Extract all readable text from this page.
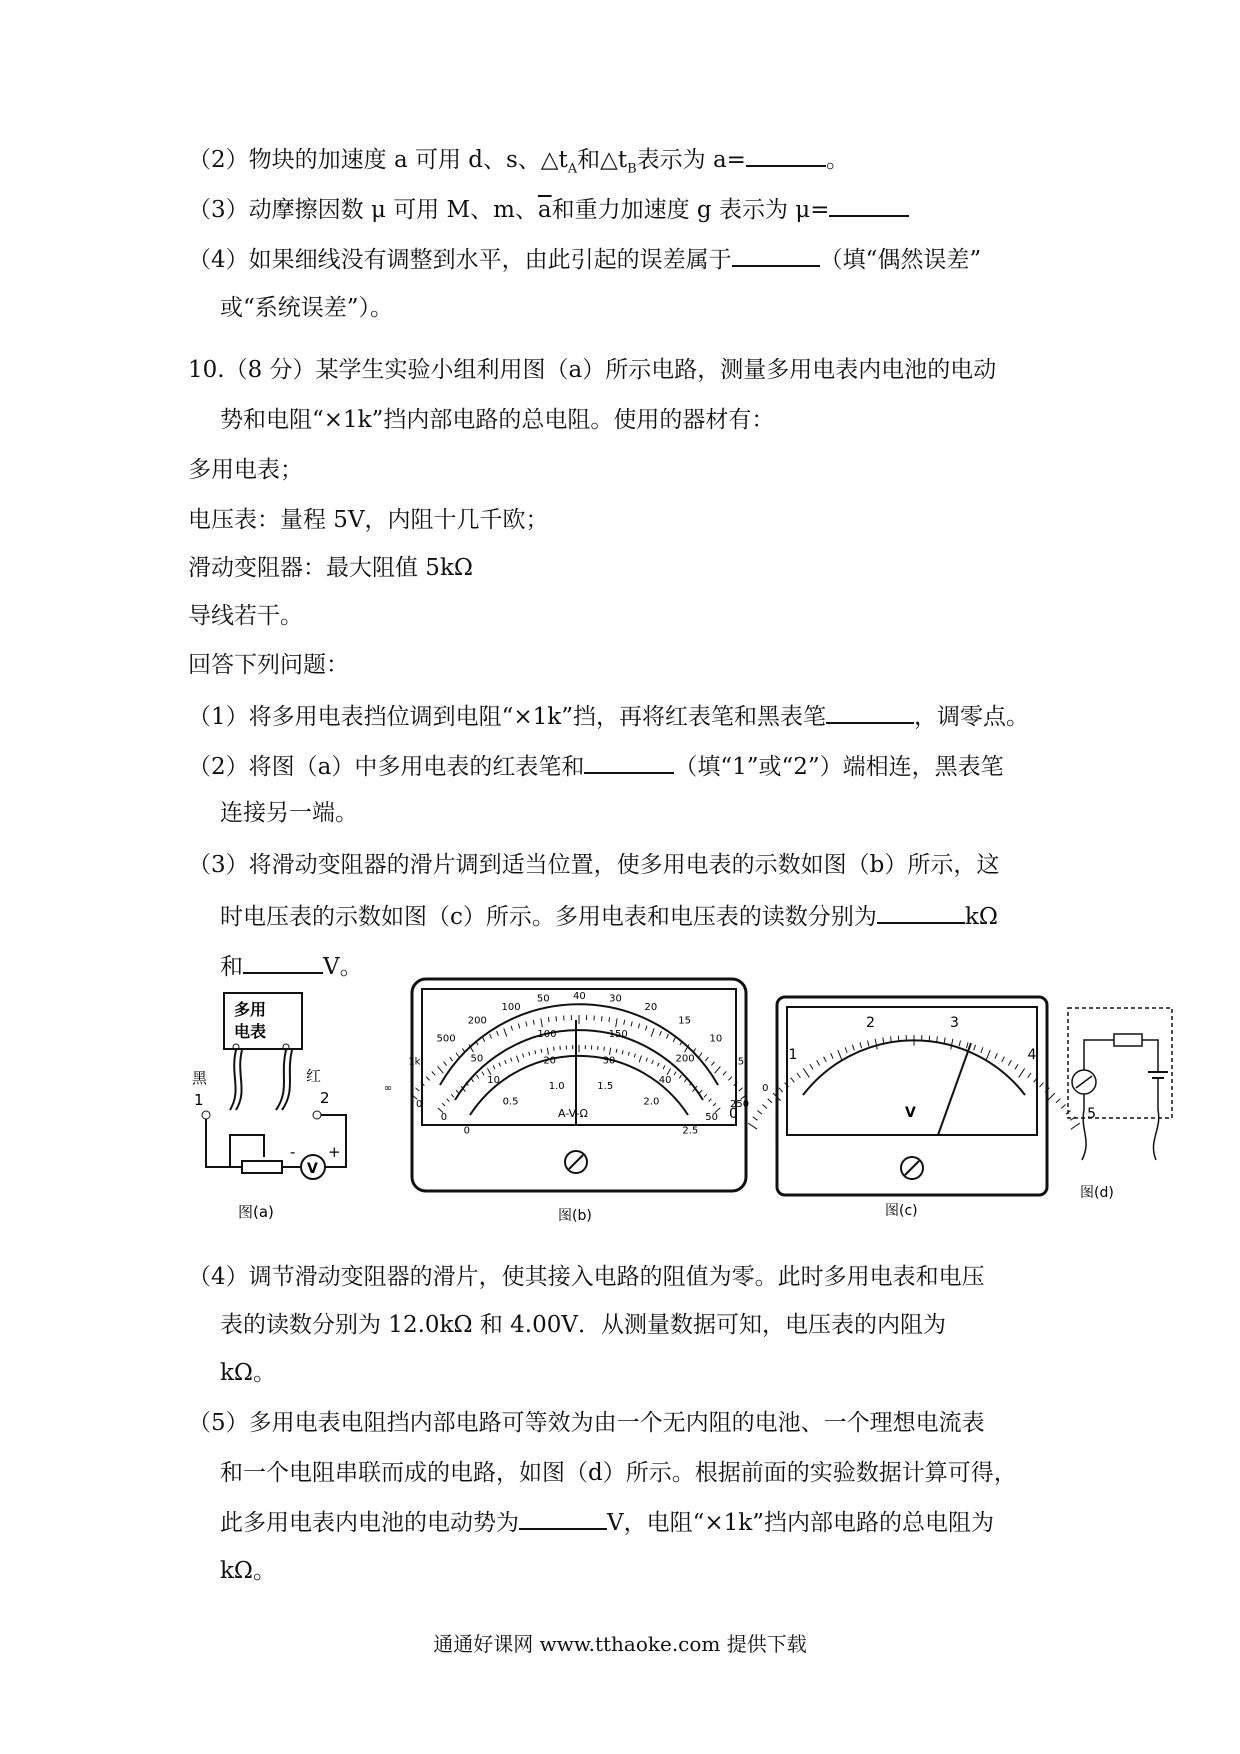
（2）物块的加速度 a 可用 d、s、$\triangle t_A$和$\triangle t_B$表示为 a=	。
（3）动摩擦因数 μ 可用 M、m、$\overline{a}$和重力加速度 g 表示为 μ=
（4）如果细线没有调整到水平，由此引起的误差属于	（填“偶然误差”
或“系统误差”）。
10.（8 分）某学生实验小组利用图（a）所示电路，测量多用电表内电池的电动
势和电阻“×1k”挡内部电路的总电阻。使用的器材有：
多用电表；
电压表：量程 5V，内阻十几千欧；
滑动变阻器：最大阻值 5kΩ
导线若干。
回答下列问题：
（1）将多用电表挡位调到电阻“×1k”挡，再将红表笔和黑表笔	，调零点。
（2）将图（a）中多用电表的红表笔和	（填“1”或“2”）端相连，黑表笔
连接另一端。
（3）将滑动变阻器的滑片调到适当位置，使多用电表的示数如图（b）所示，这
时电压表的示数如图（c）所示。多用电表和电压表的读数分别为	kΩ
和	V。
多用
电表
黑	红
1	2
V
- +
图(a)
∞
1k
500
200
100
50 40 30
20
15
10
5
0
0
50
100	150
200
250
0
10
20	30
40
50
0
0.5
1.0	1.5
2.0
2.5
A-V-Ω
图(b)
0
1
2	3
4
5
V
图(c)
图(d)
（4）调节滑动变阻器的滑片，使其接入电路的阻值为零。此时多用电表和电压
表的读数分别为 12.0kΩ 和 4.00V．从测量数据可知，电压表的内阻为
kΩ。
（5）多用电表电阻挡内部电路可等效为由一个无内阻的电池、一个理想电流表
和一个电阻串联而成的电路，如图（d）所示。根据前面的实验数据计算可得，
此多用电表内电池的电动势为	V，电阻“×1k”挡内部电路的总电阻为
kΩ。
通通好课网 www.tthaoke.com 提供下载
